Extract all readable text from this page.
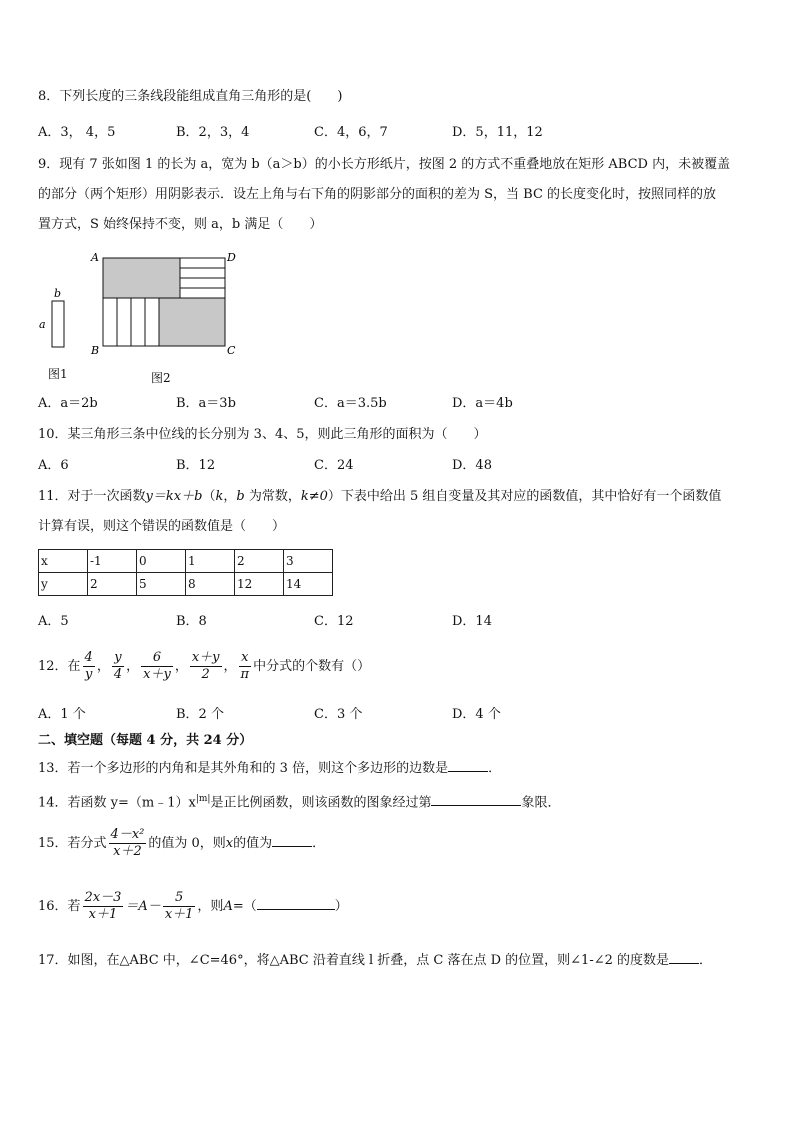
8．下列长度的三条线段能组成直角三角形的是(　　)
A．3， 4，5	B．2，3，4	C．4，6，7	D．5，11，12
9．现有 7 张如图 1 的长为 a，宽为 b（a＞b）的小长方形纸片，按图 2 的方式不重叠地放在矩形 ABCD 内，未被覆盖
的部分（两个矩形）用阴影表示．设左上角与右下角的阴影部分的面积的差为 S，当 BC 的长度变化时，按照同样的放
置方式，S 始终保持不变，则 a，b 满足（　　）
b
a
A	D
B	C
图1	图2
A．a＝2b	B．a＝3b	C．a＝3.5b	D．a＝4b
10．某三角形三条中位线的长分别为 3、4、5，则此三角形的面积为（　　）
A．6	B．12	C．24	D．48
11．对于一次函数y＝kx＋b（k，b 为常数，k≠0）下表中给出 5 组自变量及其对应的函数值，其中恰好有一个函数值
计算有误，则这个错误的函数值是（　　）
x	-1	0	1	2	3
y	2	5	8	12	14
A．5	B．8	C．12	D．14
12．在 $\frac{4}{y}$ ， $\frac{y}{4}$ ， $\frac{6}{x+y}$ ， $\frac{x+y}{2}$ ， $\frac{x}{\pi}$ 中分式的个数有（）
A．1 个	B．2 个	C．3 个	D．4 个
二、填空题（每题 4 分，共 24 分）
13．若一个多边形的内角和是其外角和的 3 倍，则这个多边形的边数是	．
14．若函数 $y=(m﹣1)x^{|m|}$是正比例函数，则该函数的图象经过第	象限．
15．若分式 $\frac{\text{4－x²}}{x+2}$ 的值为 0，则x的值为	．
16．若 $\frac{2x-3}{x+1} =A- \frac{5}{x+1}$ ，则A=（	）
17．如图，在△ABC 中，∠C=46°，将△ABC 沿着直线 l 折叠，点 C 落在点 D 的位置，则∠1-∠2 的度数是 ．
